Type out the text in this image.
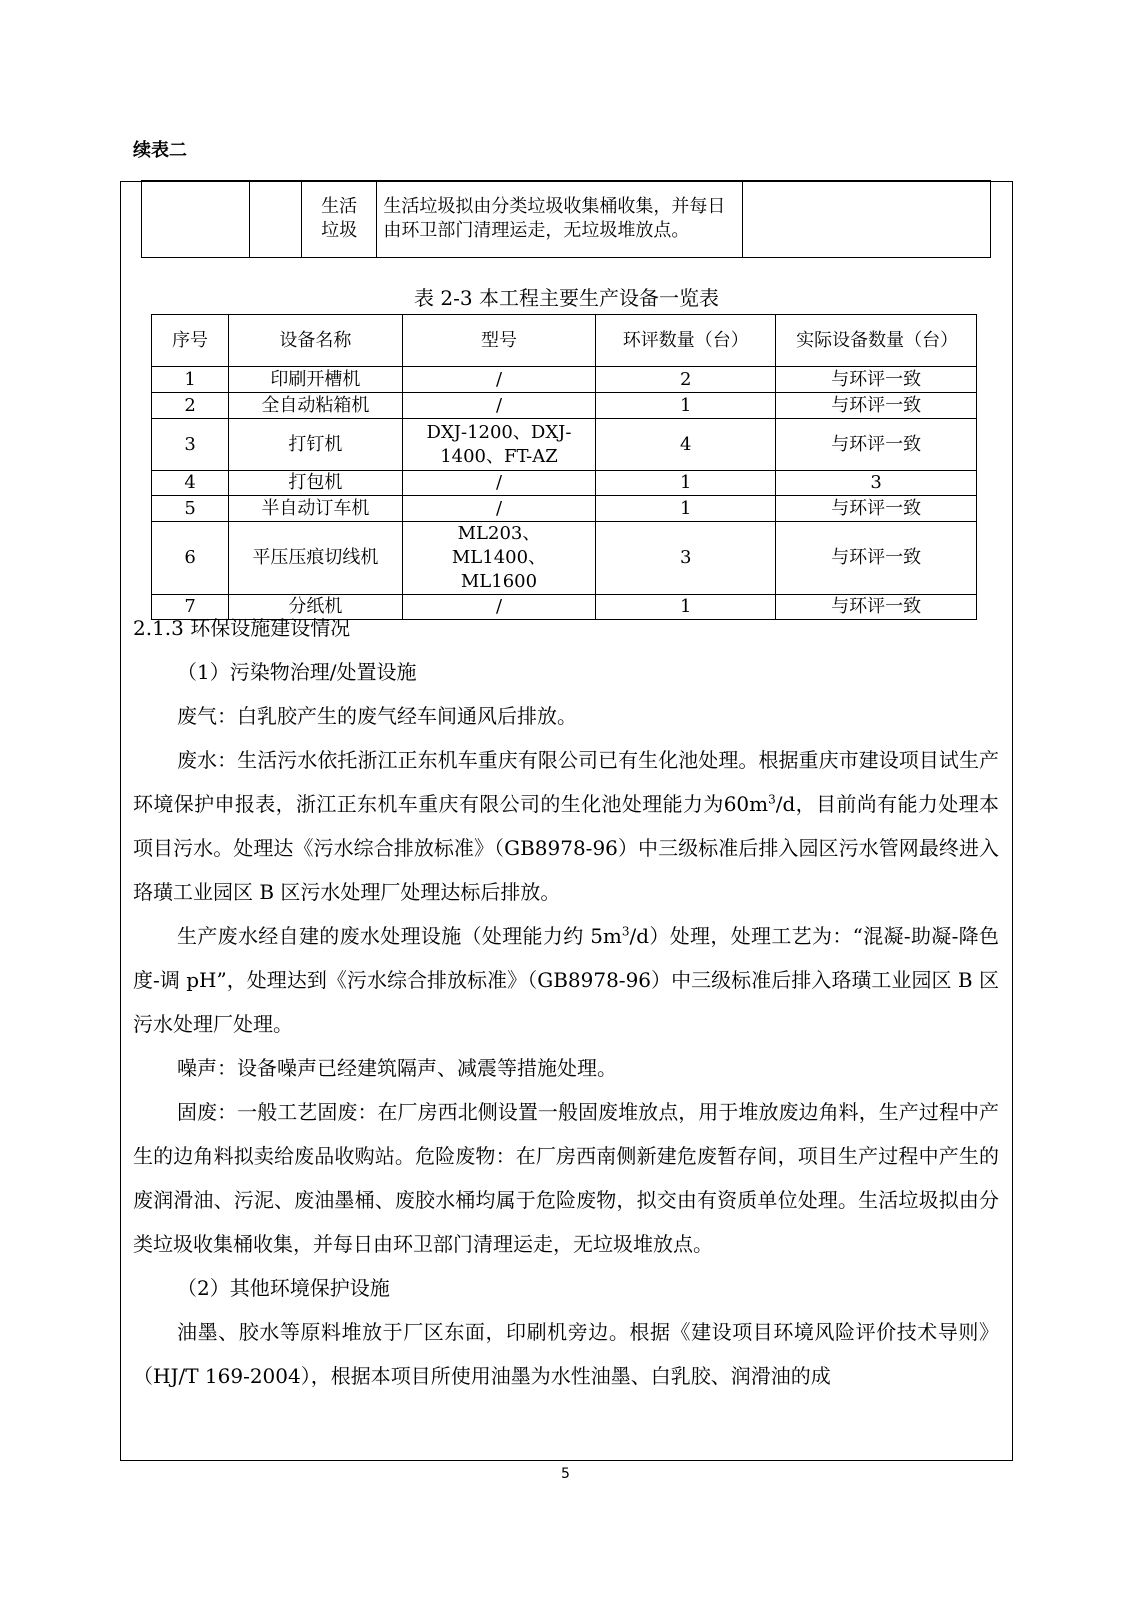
续表二
		生活
垃圾	生活垃圾拟由分类垃圾收集桶收集，并每日由环卫部门清理运走，无垃圾堆放点。	
表 2-3 本工程主要生产设备一览表
序号	设备名称	型号	环评数量（台）	实际设备数量（台）
1	印刷开槽机	/	2	与环评一致
2	全自动粘箱机	/	1	与环评一致
3	打钉机	DXJ-1200、DXJ-1400、FT-AZ	4	与环评一致
4	打包机	/	1	3
5	半自动订车机	/	1	与环评一致
6	平压压痕切线机	ML203、ML1400、ML1600	3	与环评一致
7	分纸机	/	1	与环评一致

2.1.3 环保设施建设情况

（1）污染物治理/处置设施

废气：白乳胶产生的废气经车间通风后排放。

废水：生活污水依托浙江正东机车重庆有限公司已有生化池处理。根据重庆市建设项目试生产环境保护申报表，浙江正东机车重庆有限公司的生化池处理能力为$60m^3/d$，目前尚有能力处理本项目污水。处理达《污水综合排放标准》（GB8978-96）中三级标准后排入园区污水管网最终进入珞璜工业园区 B 区污水处理厂处理达标后排放。

生产废水经自建的废水处理设施（处理能力约 $5m^3/d$）处理，处理工艺为：“混凝-助凝-降色度-调 pH”，处理达到《污水综合排放标准》（GB8978-96）中三级标准后排入珞璜工业园区 B 区污水处理厂处理。

噪声：设备噪声已经建筑隔声、减震等措施处理。

固废：一般工艺固废：在厂房西北侧设置一般固废堆放点，用于堆放废边角料，生产过程中产生的边角料拟卖给废品收购站。危险废物：在厂房西南侧新建危废暂存间，项目生产过程中产生的废润滑油、污泥、废油墨桶、废胶水桶均属于危险废物，拟交由有资质单位处理。生活垃圾拟由分类垃圾收集桶收集，并每日由环卫部门清理运走，无垃圾堆放点。

（2）其他环境保护设施

油墨、胶水等原料堆放于厂区东面，印刷机旁边。根据《建设项目环境风险评价技术导则》（HJ/T 169-2004），根据本项目所使用油墨为水性油墨、白乳胶、润滑油的成

5
